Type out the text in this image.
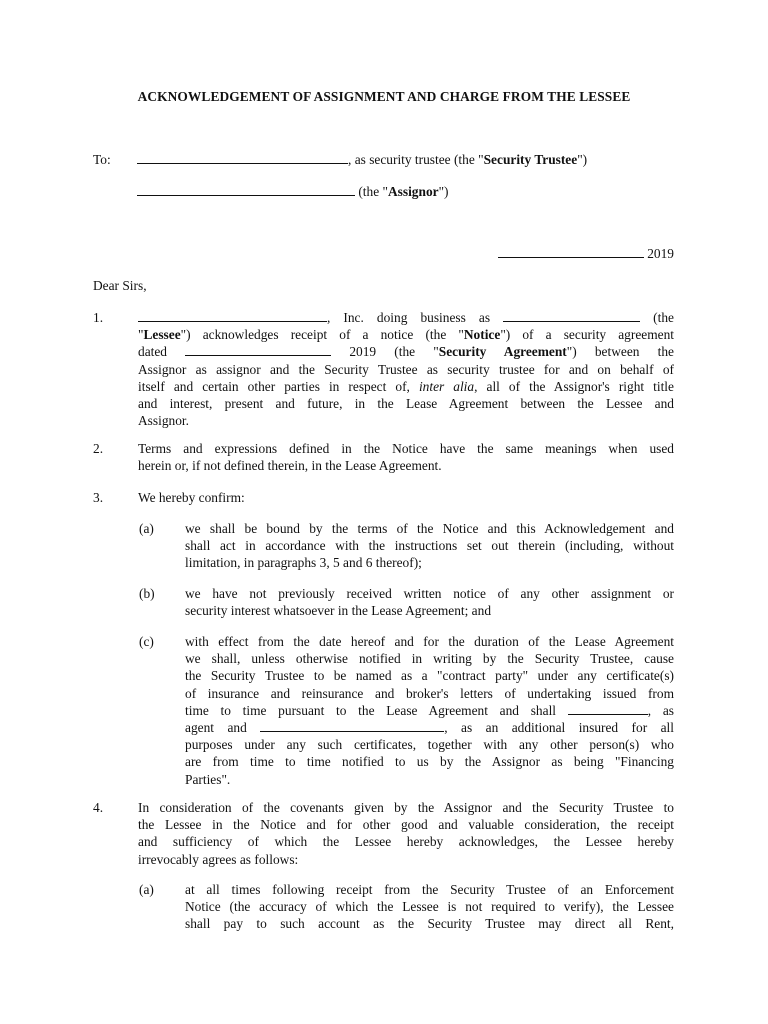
ACKNOWLEDGEMENT OF ASSIGNMENT AND CHARGE FROM THE LESSEE
To:	, as security trustee (the "Security Trustee")
(the "Assignor")
2019
Dear Sirs,
1.	, Inc. doing business as	(the
"Lessee") acknowledges receipt of a notice (the "Notice") of a security agreement
dated	2019 (the "Security Agreement") between the
Assignor as assignor and the Security Trustee as security trustee for and on behalf of
itself and certain other parties in respect of, inter alia, all of the Assignor's right title
and interest, present and future, in the Lease Agreement between the Lessee and
Assignor.
2.	Terms and expressions defined in the Notice have the same meanings when used
herein or, if not defined therein, in the Lease Agreement.
3.	We hereby confirm:
(a) we shall be bound by the terms of the Notice and this Acknowledgement and
shall act in accordance with the instructions set out therein (including, without
limitation, in paragraphs 3, 5 and 6 thereof);
(b) we have not previously received written notice of any other assignment or
security interest whatsoever in the Lease Agreement; and
(c) with effect from the date hereof and for the duration of the Lease Agreement
we shall, unless otherwise notified in writing by the Security Trustee, cause
the Security Trustee to be named as a "contract party" under any certificate(s)
of insurance and reinsurance and broker's letters of undertaking issued from
time to time pursuant to the Lease Agreement and shall	, as
agent and	, as an additional insured for all
purposes under any such certificates, together with any other person(s) who
are from time to time notified to us by the Assignor as being "Financing
Parties".
4.	In consideration of the covenants given by the Assignor and the Security Trustee to
the Lessee in the Notice and for other good and valuable consideration, the receipt
and sufficiency of which the Lessee hereby acknowledges, the Lessee hereby
irrevocably agrees as follows:
(a) at all times following receipt from the Security Trustee of an Enforcement
Notice (the accuracy of which the Lessee is not required to verify), the Lessee
shall pay to such account as the Security Trustee may direct all Rent,
